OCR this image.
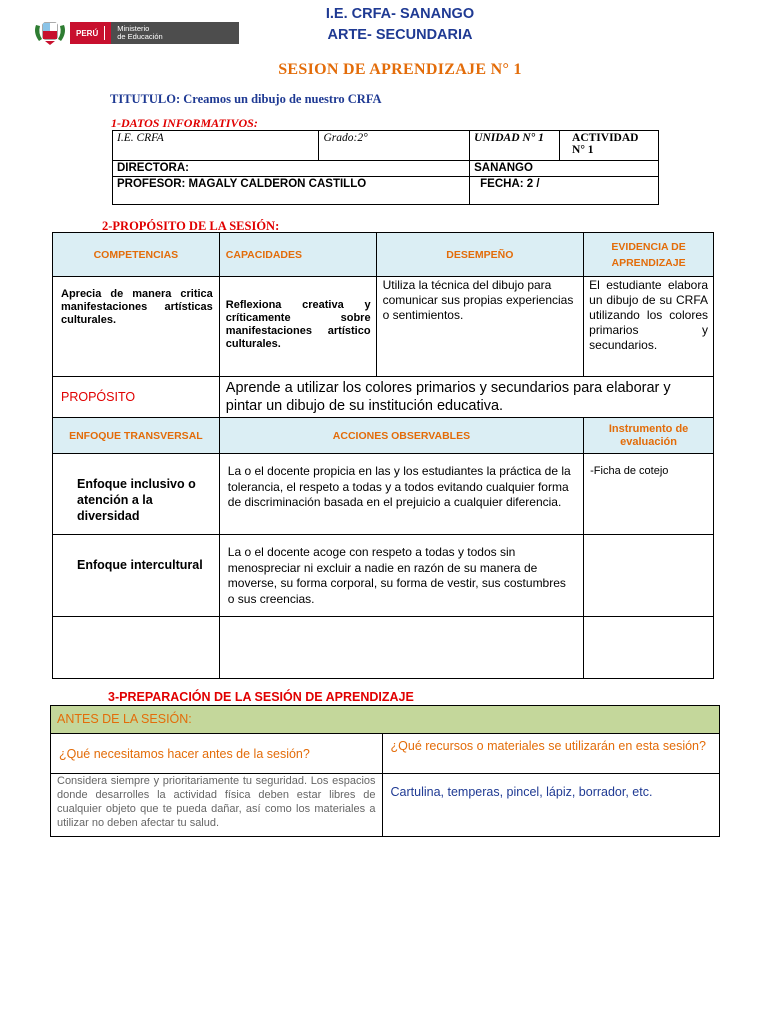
PERÚ	Ministerio
de Educación
I.E. CRFA- SANANGO
ARTE- SECUNDARIA
SESION DE APRENDIZAJE N° 1
TITUTULO: Creamos un dibujo de nuestro CRFA
1-DATOS INFORMATIVOS:
I.E. CRFA	Grado:2°	UNIDAD N° 1	ACTIVIDAD N° 1
DIRECTORA:		SANANGO	
PROFESOR: MAGALY CALDERON CASTILLO		FECHA: 2 /	
2-PROPÓSITO DE LA SESIÓN:
COMPETENCIAS	CAPACIDADES	DESEMPEÑO	EVIDENCIA DE APRENDIZAJE
Aprecia de manera critica manifestaciones artísticas culturales.	Reflexiona creativa y críticamente sobre manifestaciones artístico culturales.	Utiliza la técnica del dibujo para comunicar sus propias experiencias o sentimientos.	El estudiante elabora un dibujo de su CRFA utilizando los colores primarios y secundarios.
PROPÓSITO	Aprende a utilizar los colores primarios y secundarios para elaborar y pintar un dibujo de su institución educativa.		
ENFOQUE TRANSVERSAL	ACCIONES OBSERVABLES		Instrumento de evaluación
Enfoque inclusivo o atención a la diversidad	La o el docente propicia en las y los estudiantes la práctica de la tolerancia, el respeto a todas y a todos evitando cualquier forma de discriminación basada en el prejuicio a cualquier diferencia.		-Ficha de cotejo
Enfoque intercultural	La o el docente acoge con respeto a todas y todos sin menospreciar ni excluir a nadie en razón de su manera de moverse, su forma corporal, su forma de vestir, sus costumbres o sus creencias.		

3-PREPARACIÓN DE LA SESIÓN DE APRENDIZAJE
ANTES DE LA SESIÓN:	
¿Qué necesitamos hacer antes de la sesión?	¿Qué recursos o materiales se utilizarán en esta sesión?
Considera siempre y prioritariamente tu seguridad. Los espacios donde desarrolles la actividad física deben estar libres de cualquier objeto que te pueda dañar, así como los materiales a utilizar no deben afectar tu salud.	Cartulina, temperas, pincel, lápiz, borrador, etc.
